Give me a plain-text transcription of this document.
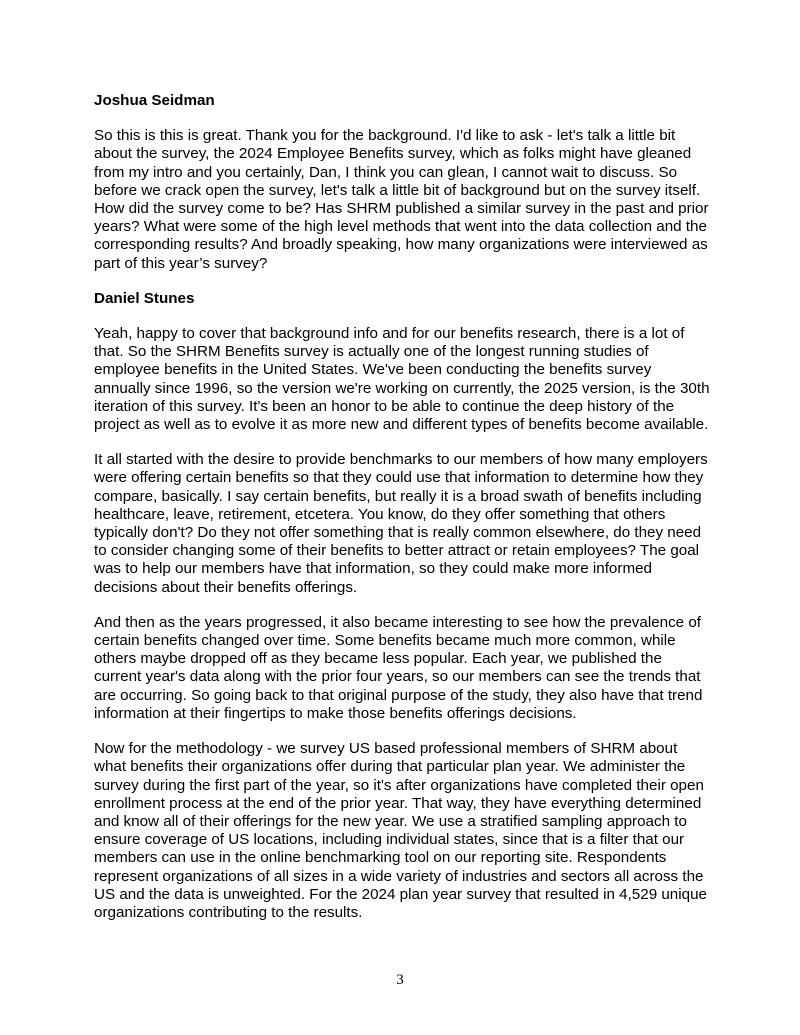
Joshua Seidman
So this is this is great. Thank you for the background. I'd like to ask - let's talk a little bit about the survey, the 2024 Employee Benefits survey, which as folks might have gleaned from my intro and you certainly, Dan, I think you can glean, I cannot wait to discuss. So before we crack open the survey, let's talk a little bit of background but on the survey itself. How did the survey come to be? Has SHRM published a similar survey in the past and prior years? What were some of the high level methods that went into the data collection and the corresponding results? And broadly speaking, how many organizations were interviewed as part of this year’s survey?
Daniel Stunes
Yeah, happy to cover that background info and for our benefits research, there is a lot of that. So the SHRM Benefits survey is actually one of the longest running studies of employee benefits in the United States. We've been conducting the benefits survey annually since 1996, so the version we're working on currently, the 2025 version, is the 30th iteration of this survey. It's been an honor to be able to continue the deep history of the project as well as to evolve it as more new and different types of benefits become available.
It all started with the desire to provide benchmarks to our members of how many employers were offering certain benefits so that they could use that information to determine how they compare, basically. I say certain benefits, but really it is a broad swath of benefits including healthcare, leave, retirement, etcetera. You know, do they offer something that others typically don't? Do they not offer something that is really common elsewhere, do they need to consider changing some of their benefits to better attract or retain employees? The goal was to help our members have that information, so they could make more informed decisions about their benefits offerings.
And then as the years progressed, it also became interesting to see how the prevalence of certain benefits changed over time. Some benefits became much more common, while others maybe dropped off as they became less popular. Each year, we published the current year's data along with the prior four years, so our members can see the trends that are occurring. So going back to that original purpose of the study, they also have that trend information at their fingertips to make those benefits offerings decisions.
Now for the methodology - we survey US based professional members of SHRM about what benefits their organizations offer during that particular plan year. We administer the survey during the first part of the year, so it's after organizations have completed their open enrollment process at the end of the prior year. That way, they have everything determined and know all of their offerings for the new year. We use a stratified sampling approach to ensure coverage of US locations, including individual states, since that is a filter that our members can use in the online benchmarking tool on our reporting site. Respondents represent organizations of all sizes in a wide variety of industries and sectors all across the US and the data is unweighted. For the 2024 plan year survey that resulted in 4,529 unique organizations contributing to the results.
3
